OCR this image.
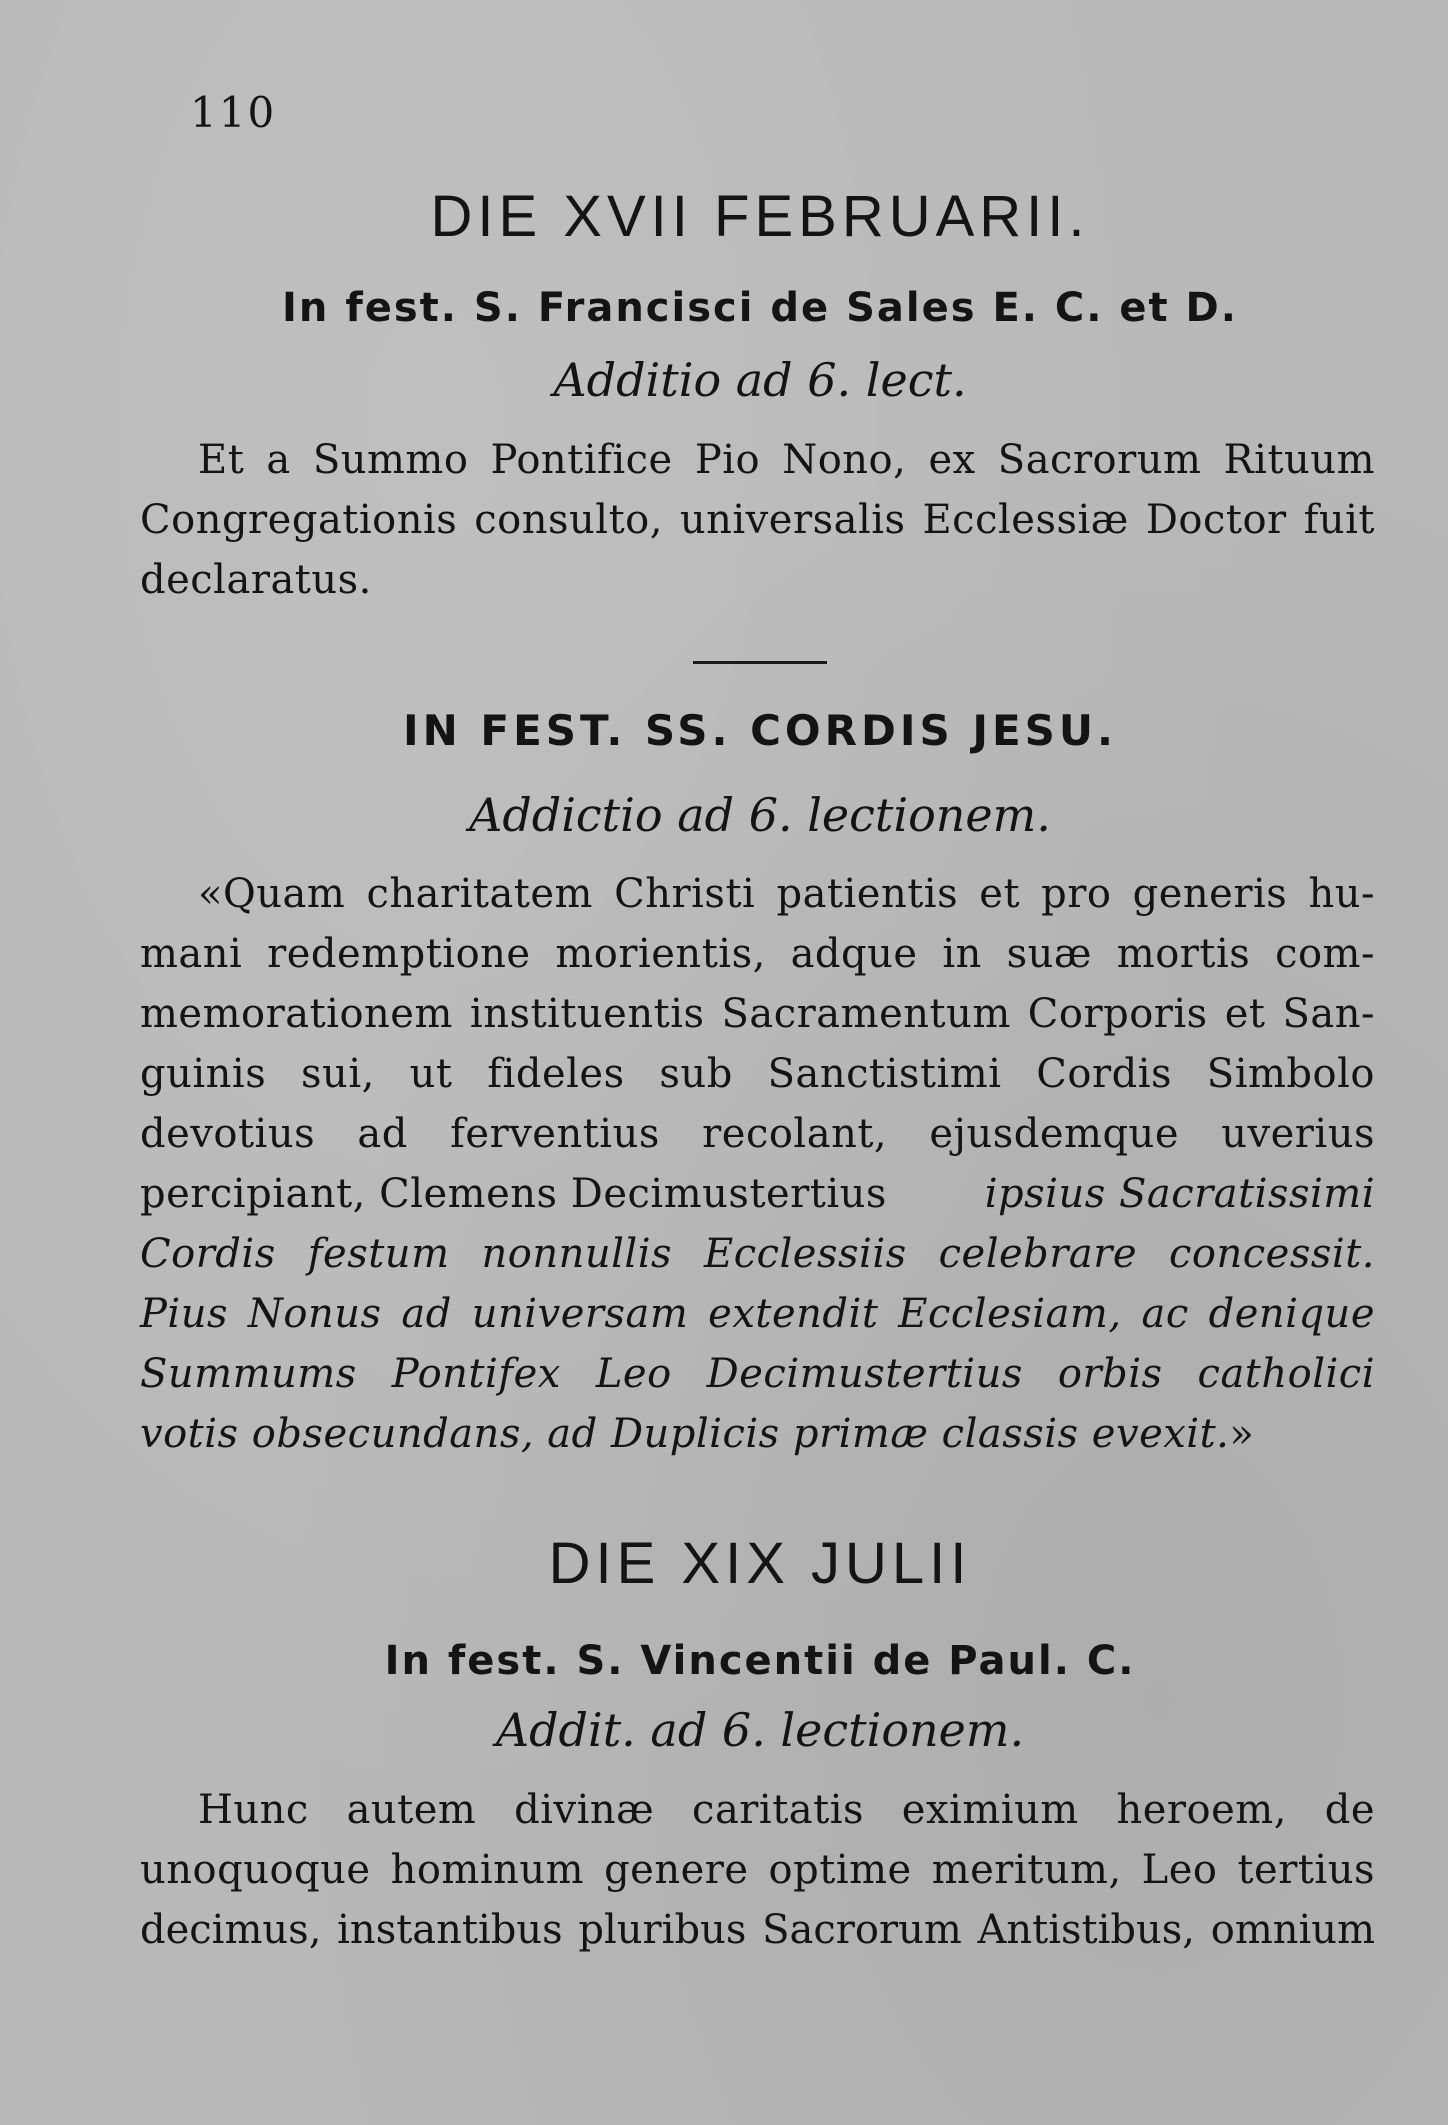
110
DIE XVII FEBRUARII.
In fest. S. Francisci de Sales E. C. et D.
Additio ad 6. lect.
Et a Summo Pontifice Pio Nono, ex Sacrorum Rituum
Congregationis consulto, universalis Ecclessiæ Doctor fuit
declaratus.
IN FEST. SS. CORDIS JESU.
Addictio ad 6. lectionem.
«Quam charitatem Christi patientis et pro generis hu-
mani redemptione morientis, adque in suæ mortis com-
memorationem instituentis Sacramentum Corporis et San-
guinis sui, ut fideles sub Sanctistimi Cordis Simbolo
devotius ad ferventius recolant, ejusdemque uverius
percipiant, Clemens Decimustertius ipsius Sacratissimi
Cordis festum nonnullis Ecclessiis celebrare concessit.
Pius Nonus ad universam extendit Ecclesiam, ac denique
Summums Pontifex Leo Decimustertius orbis catholici
votis obsecundans, ad Duplicis primæ classis evexit.»
DIE XIX JULII
In fest. S. Vincentii de Paul. C.
Addit. ad 6. lectionem.
Hunc autem divinæ caritatis eximium heroem, de
unoquoque hominum genere optime meritum, Leo tertius
decimus, instantibus pluribus Sacrorum Antistibus, omnium
